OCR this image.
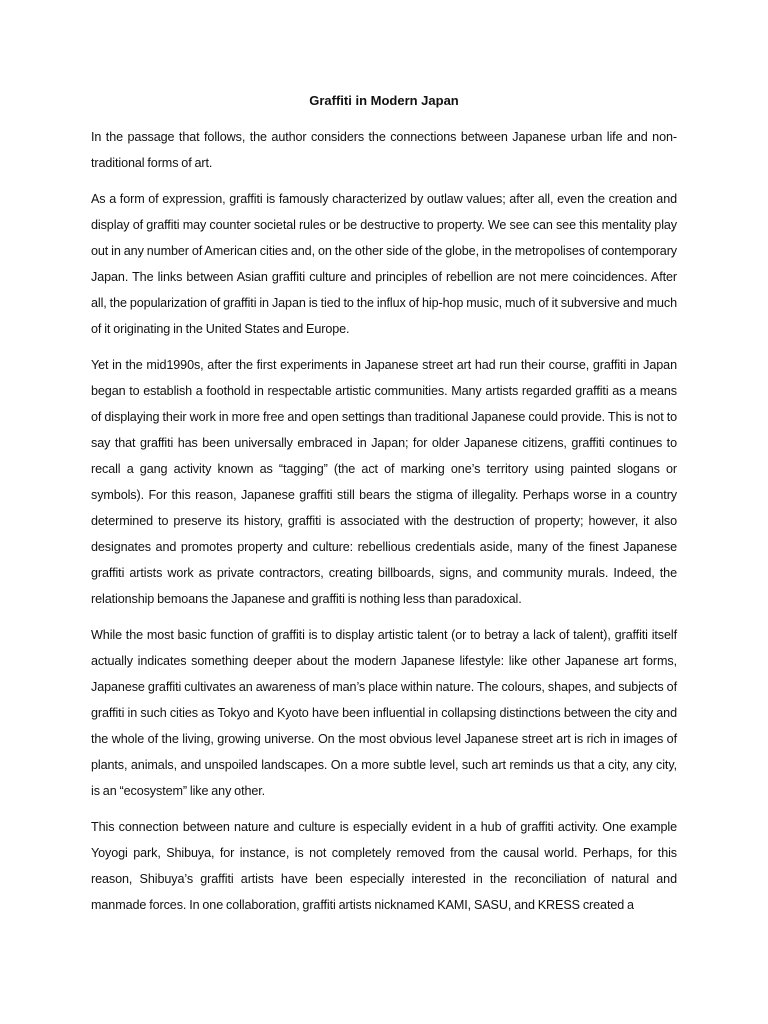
Graffiti in Modern Japan

In the passage that follows, the author considers the connections between Japanese urban life and non-traditional forms of art.

As a form of expression, graffiti is famously characterized by outlaw values; after all, even the creation and display of graffiti may counter societal rules or be destructive to property. We see can see this mentality play out in any number of American cities and, on the other side of the globe, in the metropolises of contemporary Japan. The links between Asian graffiti culture and principles of rebellion are not mere coincidences. After all, the popularization of graffiti in Japan is tied to the influx of hip-hop music, much of it subversive and much of it originating in the United States and Europe.

Yet in the mid1990s, after the first experiments in Japanese street art had run their course, graffiti in Japan began to establish a foothold in respectable artistic communities. Many artists regarded graffiti as a means of displaying their work in more free and open settings than traditional Japanese could provide. This is not to say that graffiti has been universally embraced in Japan; for older Japanese citizens, graffiti continues to recall a gang activity known as “tagging” (the act of marking one’s territory using painted slogans or symbols). For this reason, Japanese graffiti still bears the stigma of illegality. Perhaps worse in a country determined to preserve its history, graffiti is associated with the destruction of property; however, it also designates and promotes property and culture: rebellious credentials aside, many of the finest Japanese graffiti artists work as private contractors, creating billboards, signs, and community murals. Indeed, the relationship bemoans the Japanese and graffiti is nothing less than paradoxical.

While the most basic function of graffiti is to display artistic talent (or to betray a lack of talent), graffiti itself actually indicates something deeper about the modern Japanese lifestyle: like other Japanese art forms, Japanese graffiti cultivates an awareness of man’s place within nature. The colours, shapes, and subjects of graffiti in such cities as Tokyo and Kyoto have been influential in collapsing distinctions between the city and the whole of the living, growing universe. On the most obvious level Japanese street art is rich in images of plants, animals, and unspoiled landscapes. On a more subtle level, such art reminds us that a city, any city, is an “ecosystem” like any other.

This connection between nature and culture is especially evident in a hub of graffiti activity. One example Yoyogi park, Shibuya, for instance, is not completely removed from the causal world. Perhaps, for this reason, Shibuya’s graffiti artists have been especially interested in the reconciliation of natural and manmade forces. In one collaboration, graffiti artists nicknamed KAMI, SASU, and KRESS created a
